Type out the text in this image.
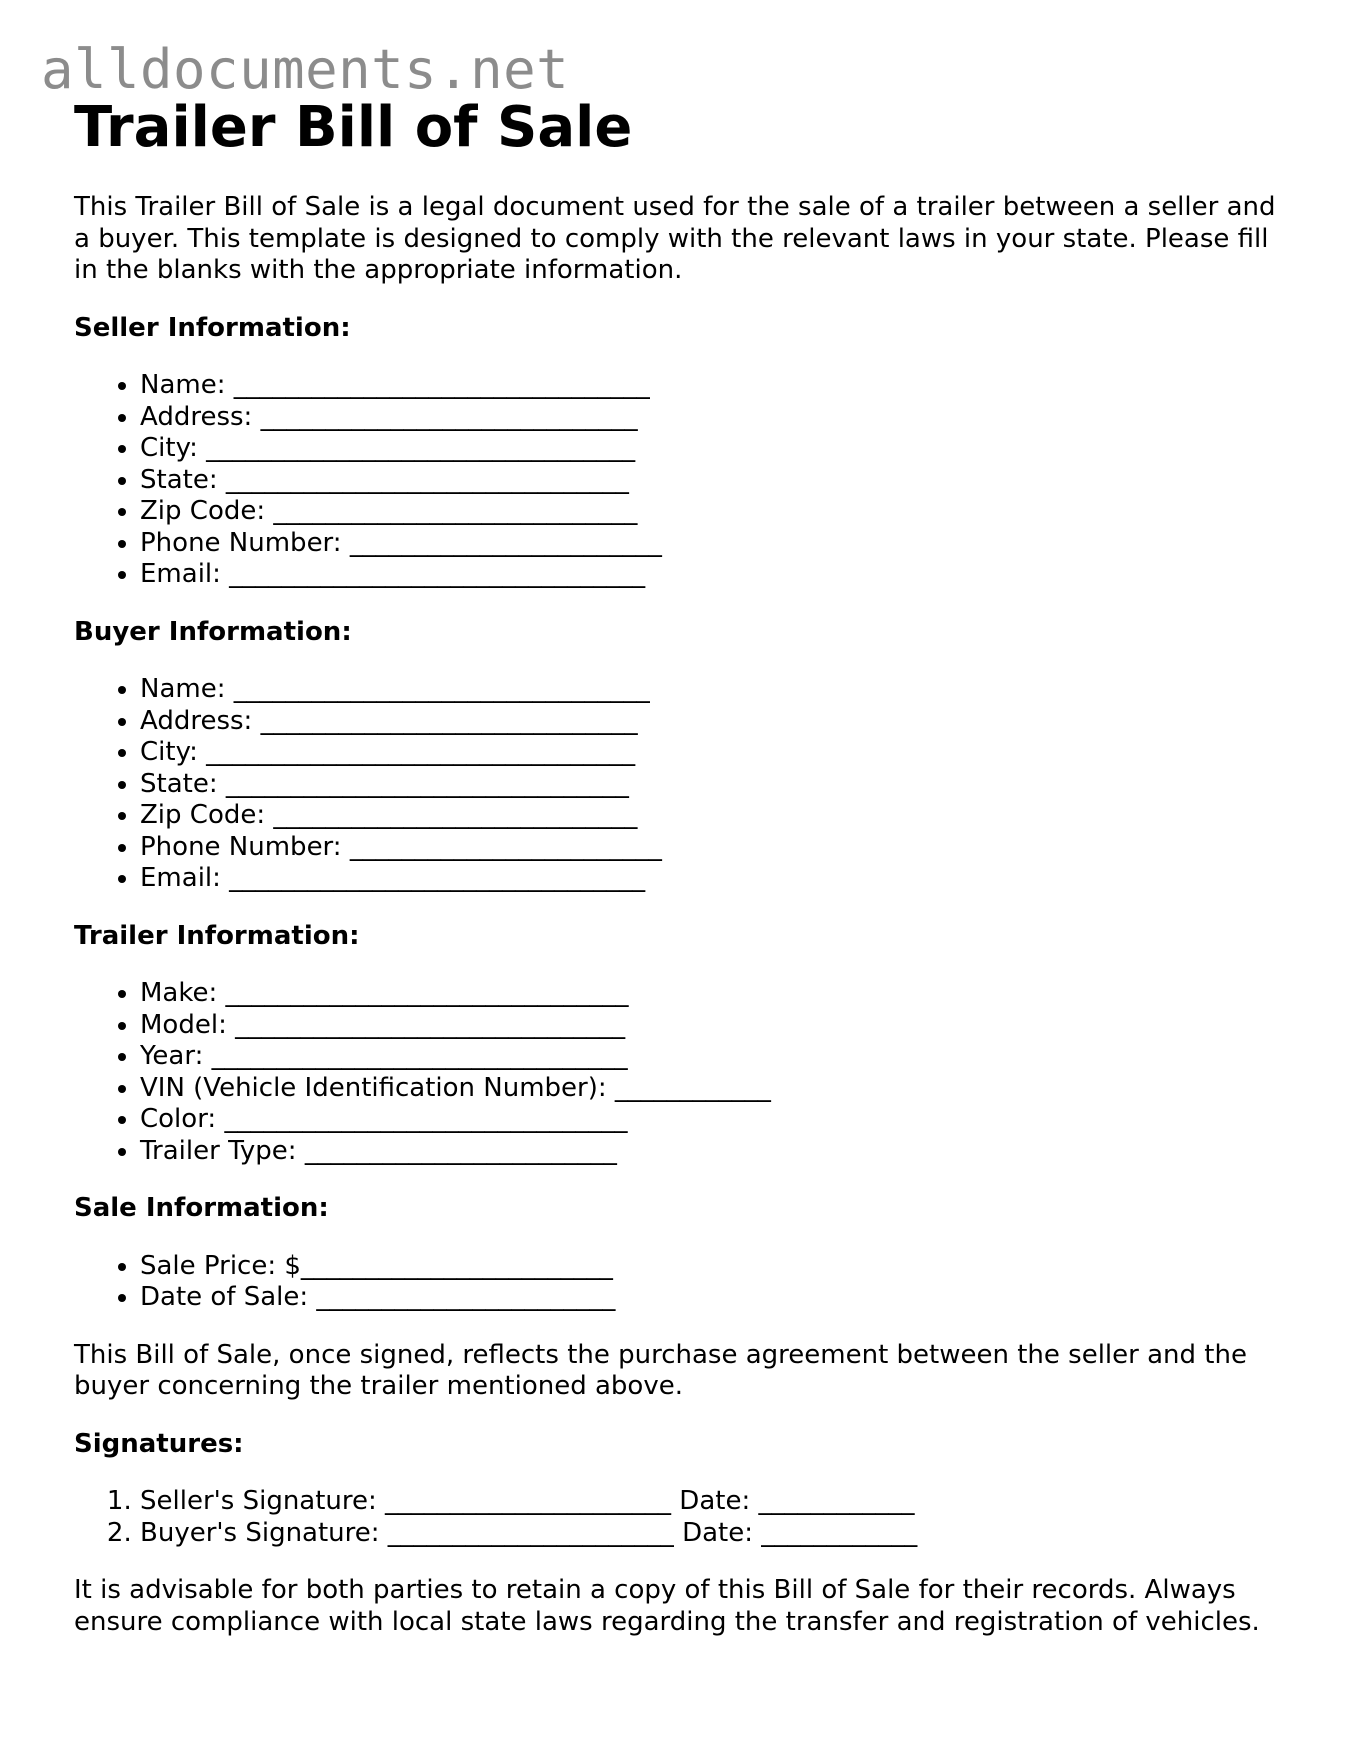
alldocuments.net
Trailer Bill of Sale

This Trailer Bill of Sale is a legal document used for the sale of a trailer between a seller and a buyer. This template is designed to comply with the relevant laws in your state. Please fill in the blanks with the appropriate information.

Seller Information:
• Name: ________________________________
• Address: _____________________________
• City: _________________________________
• State: _______________________________
• Zip Code: ____________________________
• Phone Number: ________________________
• Email: ________________________________
Buyer Information:
• Name: ________________________________
• Address: _____________________________
• City: _________________________________
• State: _______________________________
• Zip Code: ____________________________
• Phone Number: ________________________
• Email: ________________________________
Trailer Information:
• Make: _______________________________
• Model: ______________________________
• Year: ________________________________
• VIN (Vehicle Identification Number): ____________
• Color: _______________________________
• Trailer Type: ________________________
Sale Information:
• Sale Price: $________________________
• Date of Sale: _______________________

This Bill of Sale, once signed, reflects the purchase agreement between the seller and the buyer concerning the trailer mentioned above.

Signatures:
1. Seller's Signature: ______________________ Date: ____________
2. Buyer's Signature: ______________________ Date: ____________

It is advisable for both parties to retain a copy of this Bill of Sale for their records. Always ensure compliance with local state laws regarding the transfer and registration of vehicles.
